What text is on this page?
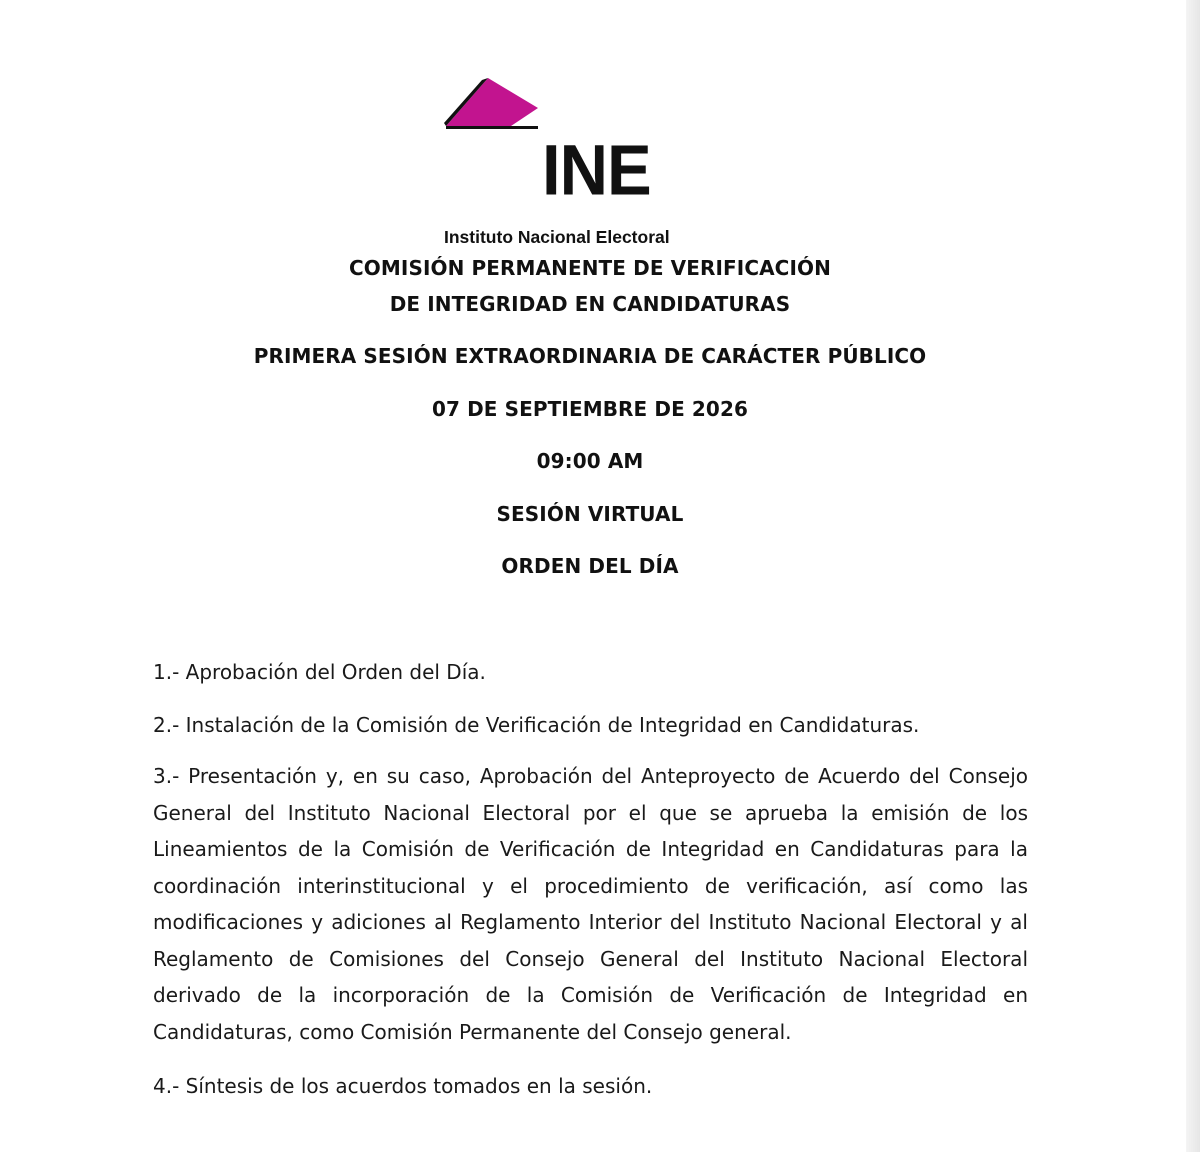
INE
Instituto Nacional Electoral
COMISIÓN PERMANENTE DE VERIFICACIÓN
DE INTEGRIDAD EN CANDIDATURAS
PRIMERA SESIÓN EXTRAORDINARIA DE CARÁCTER PÚBLICO
07 DE SEPTIEMBRE DE 2026
09:00 AM
SESIÓN VIRTUAL
ORDEN DEL DÍA

1.- Aprobación del Orden del Día.

2.- Instalación de la Comisión de Verificación de Integridad en Candidaturas.

3.- Presentación y, en su caso, Aprobación del Anteproyecto de Acuerdo del Consejo General del Instituto Nacional Electoral por el que se aprueba la emisión de los Lineamientos de la Comisión de Verificación de Integridad en Candidaturas para la coordinación interinstitucional y el procedimiento de verificación, así como las modificaciones y adiciones al Reglamento Interior del Instituto Nacional Electoral y al Reglamento de Comisiones del Consejo General del Instituto Nacional Electoral derivado de la incorporación de la Comisión de Verificación de Integridad en Candidaturas, como Comisión Permanente del Consejo general.

4.- Síntesis de los acuerdos tomados en la sesión.
